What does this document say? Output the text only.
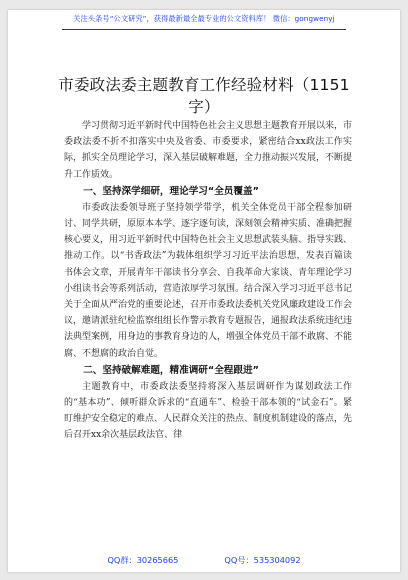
关注头条号“公文研究”，获得最新最全最专业的公文资料库！ 微信：gongwenyj
市委政法委主题教育工作经验材料（1151字）

学习贯彻习近平新时代中国特色社会主义思想主题教育开展以来，市委政法委不折不扣落实中央及省委、市委要求，紧密结合xx政法工作实际，抓实全员理论学习，深入基层破解难题，全力推动振兴发展，不断提升工作质效。

一、坚持深学细研，理论学习“全员覆盖”

市委政法委领导班子坚持领学带学，机关全体党员干部全程参加研讨、同学共研，原原本本学、逐字逐句读，深刻领会精神实质、准确把握核心要义，用习近平新时代中国特色社会主义思想武装头脑、指导实践、推动工作。以“书香政法”为载体组织学习习近平法治思想，发表百篇读书体会文章，开展青年干部读书分享会、自我革命大家谈、青年理论学习小组读书会等系列活动，营造浓厚学习氛围。结合深入学习习近平总书记关于全面从严治党的重要论述，召开市委政法委机关党风廉政建设工作会议，邀请派驻纪检监察组组长作警示教育专题报告，通报政法系统违纪违法典型案例，用身边的事教育身边的人，增强全体党员干部不敢腐、不能腐、不想腐的政治自觉。

二、坚持破解难题，精准调研“全程跟进”

主题教育中，市委政法委坚持将深入基层调研作为谋划政法工作的“基本功”、倾听群众诉求的“直通车”、检验干部本领的“试金石”。紧盯维护安全稳定的难点、人民群众关注的热点、制度机制建设的落点，先后召开xx余次基层政法官、律

QQ群：30265665	QQ号：535304092
